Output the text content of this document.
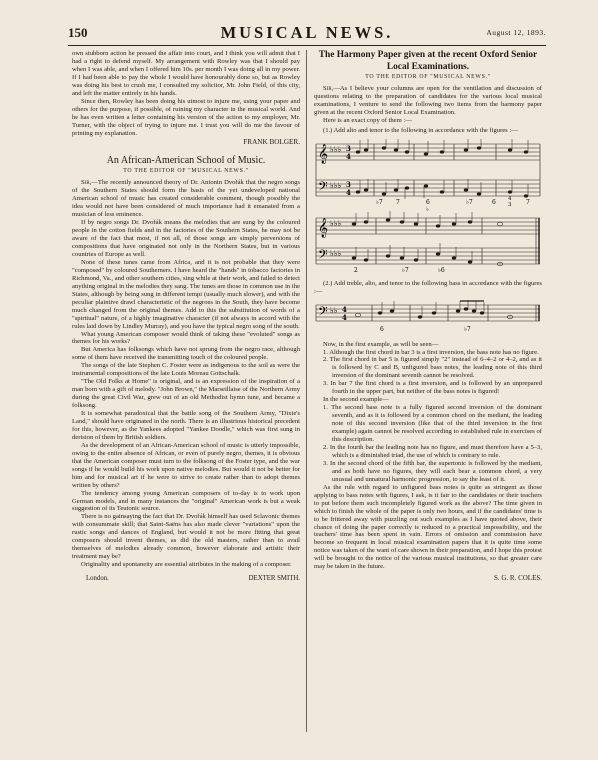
150	MUSICAL NEWS.	August 12, 1893.

own stubborn action he pressed the affair into court, and I think you will admit that I had a right to defend myself. My arrangement with Rowley was that I should pay when I was able, and when I offered him 10s. per month I was doing all in my power. If I had been able to pay the whole I would have honourably done so, but as Rowley was doing his best to crush me, I consulted my solicitor, Mr. John Field, of this city, and left the matter entirely in his hands.

Since then, Rowley has been doing his utmost to injure me, using your paper and others for the purpose, if possible, of ruining my character in the musical world. And he has even written a letter containing his version of the action to my employer, Mr. Turner, with the object of trying to injure me. I trust you will do me the favour of printing my explanation.

FRANK BOLGER.

An African-American School of Music.
TO THE EDITOR OF "MUSICAL NEWS."

Sir,—The recently announced theory of Dr. Antonin Dvořák that the negro songs of the Southern States should form the basis of the yet undeveloped national American school of music has created considerable comment, though possibly the idea would not have been considered of much importance had it emanated from a musician of less eminence.

If by negro songs Dr. Dvořák means the melodies that are sung by the coloured people in the cotton fields and in the factories of the Southern States, he may not be aware of the fact that most, if not all, of those songs are simply perversions of compositions that have originated not only in the Northern States, but in various countries of Europe as well.

None of these tunes came from Africa, and it is not probable that they were "composed" by coloured Southerners. I have heard the "hands" in tobacco factories in Richmond, Va., and other southern cities, sing while at their work, and failed to detect anything original in the melodies they sang. The tunes are those in common use in the States, although by being sung in different tempi (usually much slower), and with the peculiar plaintive drawl characteristic of the negroes in the South, they have become much changed from the original themes. Add to this the substitution of words of a "spiritual" nature, of a highly imaginative character (if not always in accord with the rules laid down by Lindley Murray), and you have the typical negro song of the south.

What young American composer would think of taking these "evoluted" songs as themes for his works?

But America has folksongs which have not sprung from the negro race, although some of them have received the transmitting touch of the coloured people.

The songs of the late Stephen C. Foster were as indigenous to the soil as were the instrumental compositions of the late Louis Moreau Gottschalk.

"The Old Folks at Home" is original, and is an expression of the inspiration of a man born with a gift of melody. "John Brown," the Marseillaise of the Northern Army during the great Civil War, grew out of an old Methodist hymn tune, and became a folksong.

It is somewhat paradoxical that the battle song of the Southern Army, "Dixie's Land," should have originated in the north. There is an illustrious historical precedent for this, however, as the Yankees adopted "Yankee Doodle," which was first sung in derision of them by British soldiers.

As the development of an African-American school of music is utterly impossible, owing to the entire absence of African, or even of purely negro, themes, it is obvious that the American composer must turn to the folksong of the Foster type, and the war songs if he would build his work upon native melodies. But would it not be better for him and for musical art if he were to strive to create rather than to adopt themes written by others?

The tendency among young American composers of to-day is to work upon German models, and in many instances the "original" American work is but a weak suggestion of its Teutonic source.

There is no gainsaying the fact that Dr. Dvořák himself has used Sclavonic themes with consummate skill; that Saint-Saëns has also made clever "variations" upon the rustic songs and dances of England, but would it not be more fitting that great composers should invent themes, as did the old masters, rather than to avail themselves of melodies already common, however elaborate and artistic their treatment may be?

Originality and spontaneity are essential attributes in the making of a composer.

London.	DEXTER SMITH.

The Harmony Paper given at the recent Oxford Senior Local Examinations.
TO THE EDITOR OF "MUSICAL NEWS."

Sir,—As I believe your columns are open for the ventilation and discussion of questions relating to the preparation of candidates for the various local musical examinations, I venture to send the following two items from the harmony paper given at the recent Oxford Senior Local Examination.

Here is an exact copy of them :—

(1.) Add alto and tenor to the following in accordance with the figures :—

𝄞
𝄢
♭♭♭
♭♭♭
3
4
3
4
♭7 7	6
♭
♭7	6 4
3 7
𝄞
𝄢
♭♭♭
♭♭♭
2	♭7	♭6

(2.) Add treble, alto, and tenor to the following bass in accordance with the figures :—

𝄢 ♭♭ 4
4
6	♭7

Now, in the first example, as will be seen—

1. Although the first chord in bar 3 is a first inversion, the bass note has no figure.

2. The first chord in bar 5 is figured simply "2" instead of 6–4–2 or 4–2, and as it is followed by C and B, unfigured bass notes, the leading note of this third inversion of the dominant seventh cannot be resolved.

3. In bar 7 the first chord is a first inversion, and is followed by an unprepared fourth in the upper part, but neither of the bass notes is figured!

In the second example—

1. The second bass note is a fully figured second inversion of the dominant seventh, and as it is followed by a common chord on the mediant, the leading note of this second inversion (like that of the third inversion in the first example) again cannot be resolved according to established rule in exercises of this description.

2. In the fourth bar the leading note has no figure, and must therefore have a 5–3, which is a diminished triad, the use of which is contrary to rule.

3. In the second chord of the fifth bar, the supertonic is followed by the mediant, and as both have no figures, they will each bear a common chord, a very unusual and unnatural harmonic progression, to say the least of it.

As the rule with regard to unfigured bass notes is quite as stringent as those applying to bass notes with figures, I ask, is it fair to the candidates or their teachers to put before them such incompletely figured work as the above? The time given in which to finish the whole of the paper is only two hours, and if the candidates' time is to be frittered away with puzzling out such examples as I have quoted above, their chance of doing the paper correctly is reduced to a practical impossibility, and the teachers' time has been spent in vain. Errors of omission and commission have become so frequent in local musical examination papers that it is quite time some notice was taken of the want of care shown in their preparation, and I hope this protest will be brought to the notice of the various musical institutions, so that greater care may be taken in the future.

S. G. R. COLES.
